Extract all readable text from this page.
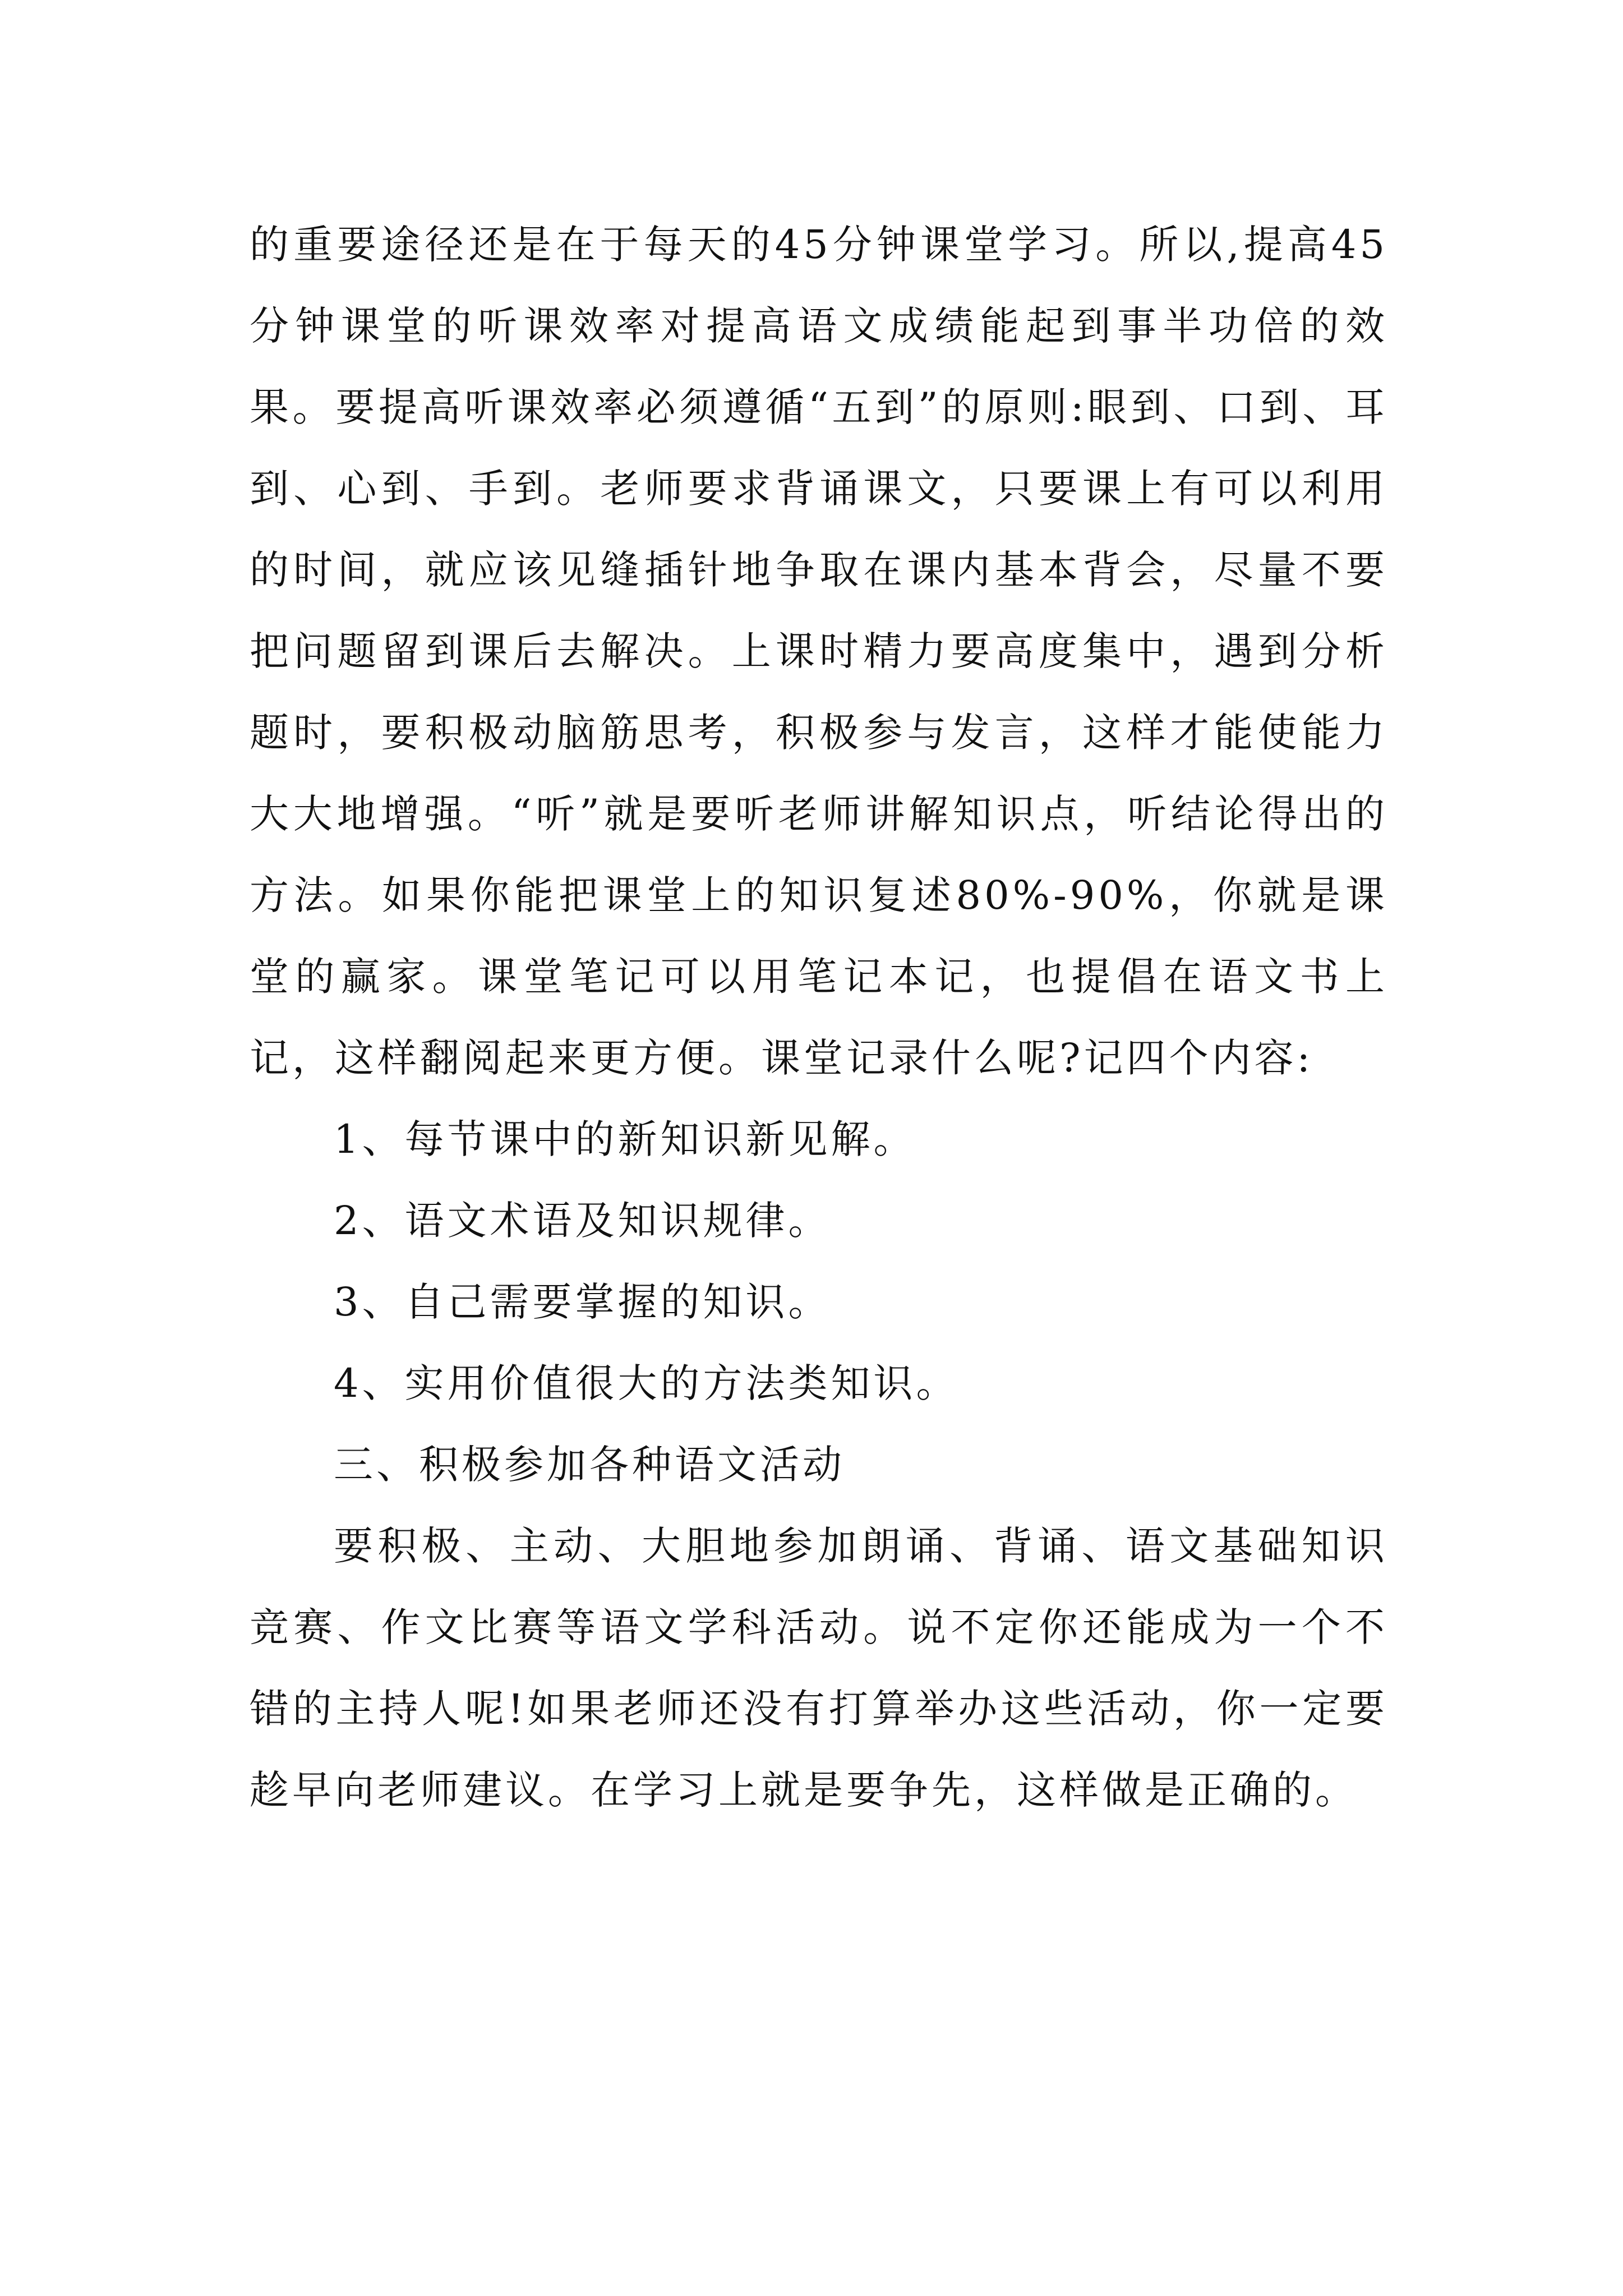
的重要途径还是在于每天的45分钟课堂学习。所以,提高45分钟课堂的听课效率对提高语文成绩能起到事半功倍的效果。要提高听课效率必须遵循“五到”的原则:眼到、口到、耳到、心到、手到。老师要求背诵课文，只要课上有可以利用的时间，就应该见缝插针地争取在课内基本背会，尽量不要把问题留到课后去解决。上课时精力要高度集中，遇到分析题时，要积极动脑筋思考，积极参与发言，这样才能使能力大大地增强。“听”就是要听老师讲解知识点，听结论得出的方法。如果你能把课堂上的知识复述80%-90%，你就是课堂的赢家。课堂笔记可以用笔记本记，也提倡在语文书上记，这样翻阅起来更方便。课堂记录什么呢?记四个内容:

1、每节课中的新知识新见解。

2、语文术语及知识规律。

3、自己需要掌握的知识。

4、实用价值很大的方法类知识。

三、积极参加各种语文活动

要积极、主动、大胆地参加朗诵、背诵、语文基础知识竞赛、作文比赛等语文学科活动。说不定你还能成为一个不错的主持人呢!如果老师还没有打算举办这些活动，你一定要趁早向老师建议。在学习上就是要争先，这样做是正确的。
